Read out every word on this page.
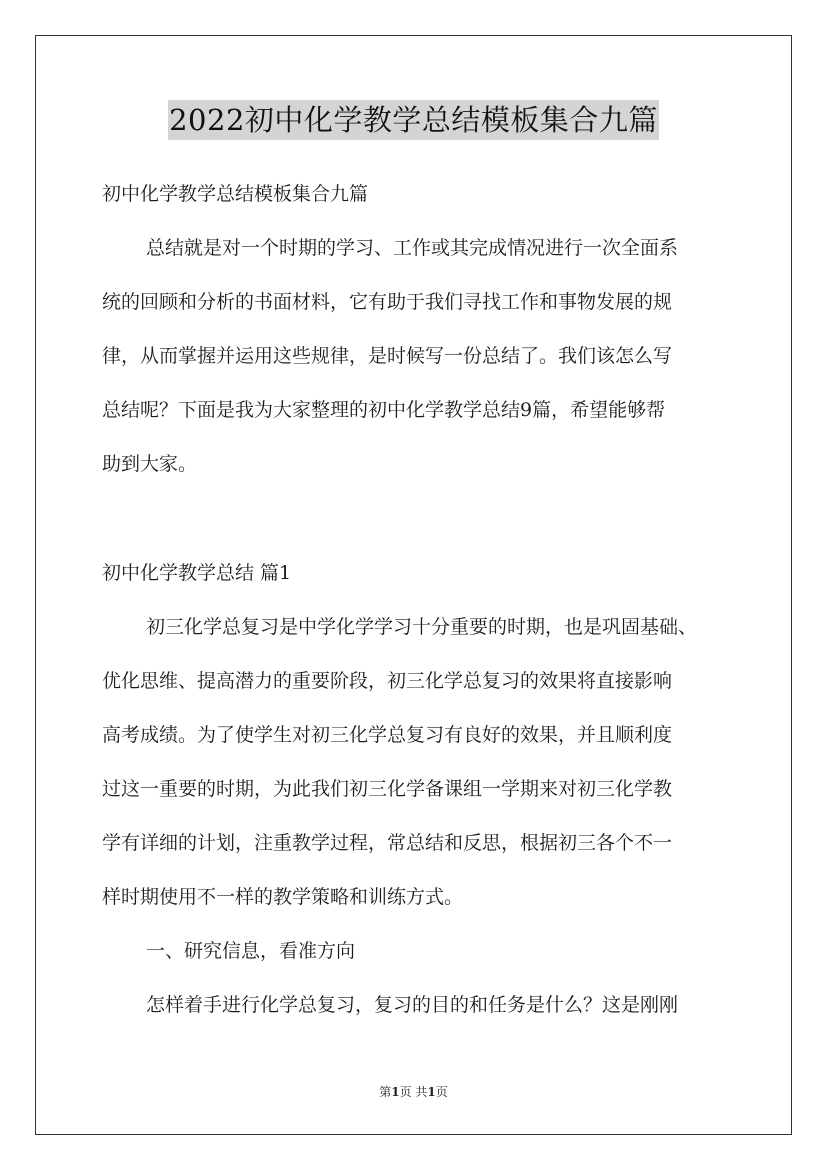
2022初中化学教学总结模板集合九篇
初中化学教学总结模板集合九篇
总结就是对一个时期的学习、工作或其完成情况进行一次全面系
统的回顾和分析的书面材料，它有助于我们寻找工作和事物发展的规
律，从而掌握并运用这些规律，是时候写一份总结了。我们该怎么写
总结呢？下面是我为大家整理的初中化学教学总结9篇，希望能够帮
助到大家。
初中化学教学总结 篇1
初三化学总复习是中学化学学习十分重要的时期，也是巩固基础、
优化思维、提高潜力的重要阶段，初三化学总复习的效果将直接影响
高考成绩。为了使学生对初三化学总复习有良好的效果，并且顺利度
过这一重要的时期，为此我们初三化学备课组一学期来对初三化学教
学有详细的计划，注重教学过程，常总结和反思，根据初三各个不一
样时期使用不一样的教学策略和训练方式。
一、研究信息，看准方向
怎样着手进行化学总复习，复习的目的和任务是什么？这是刚刚
第1页 共1页
